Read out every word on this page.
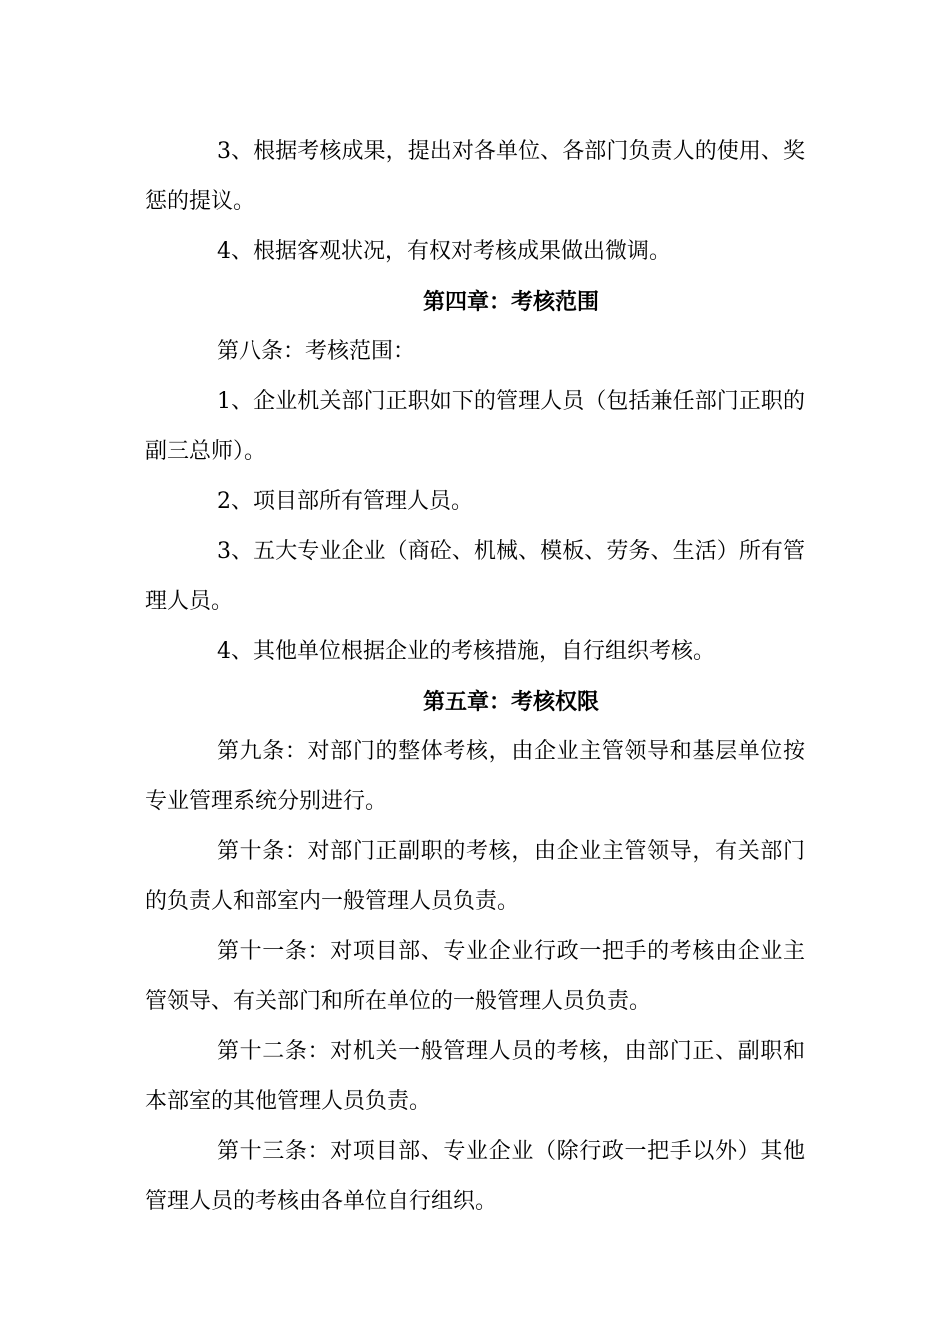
3、根据考核成果，提出对各单位、各部门负责人的使用、奖惩的提议。

4、根据客观状况，有权对考核成果做出微调。

第四章：考核范围

第八条：考核范围：

1、企业机关部门正职如下的管理人员（包括兼任部门正职的副三总师）。

2、项目部所有管理人员。

3、五大专业企业（商砼、机械、模板、劳务、生活）所有管理人员。

4、其他单位根据企业的考核措施，自行组织考核。

第五章：考核权限

第九条：对部门的整体考核，由企业主管领导和基层单位按专业管理系统分别进行。

第十条：对部门正副职的考核，由企业主管领导，有关部门的负责人和部室内一般管理人员负责。

第十一条：对项目部、专业企业行政一把手的考核由企业主管领导、有关部门和所在单位的一般管理人员负责。

第十二条：对机关一般管理人员的考核，由部门正、副职和本部室的其他管理人员负责。

第十三条：对项目部、专业企业（除行政一把手以外）其他管理人员的考核由各单位自行组织。
